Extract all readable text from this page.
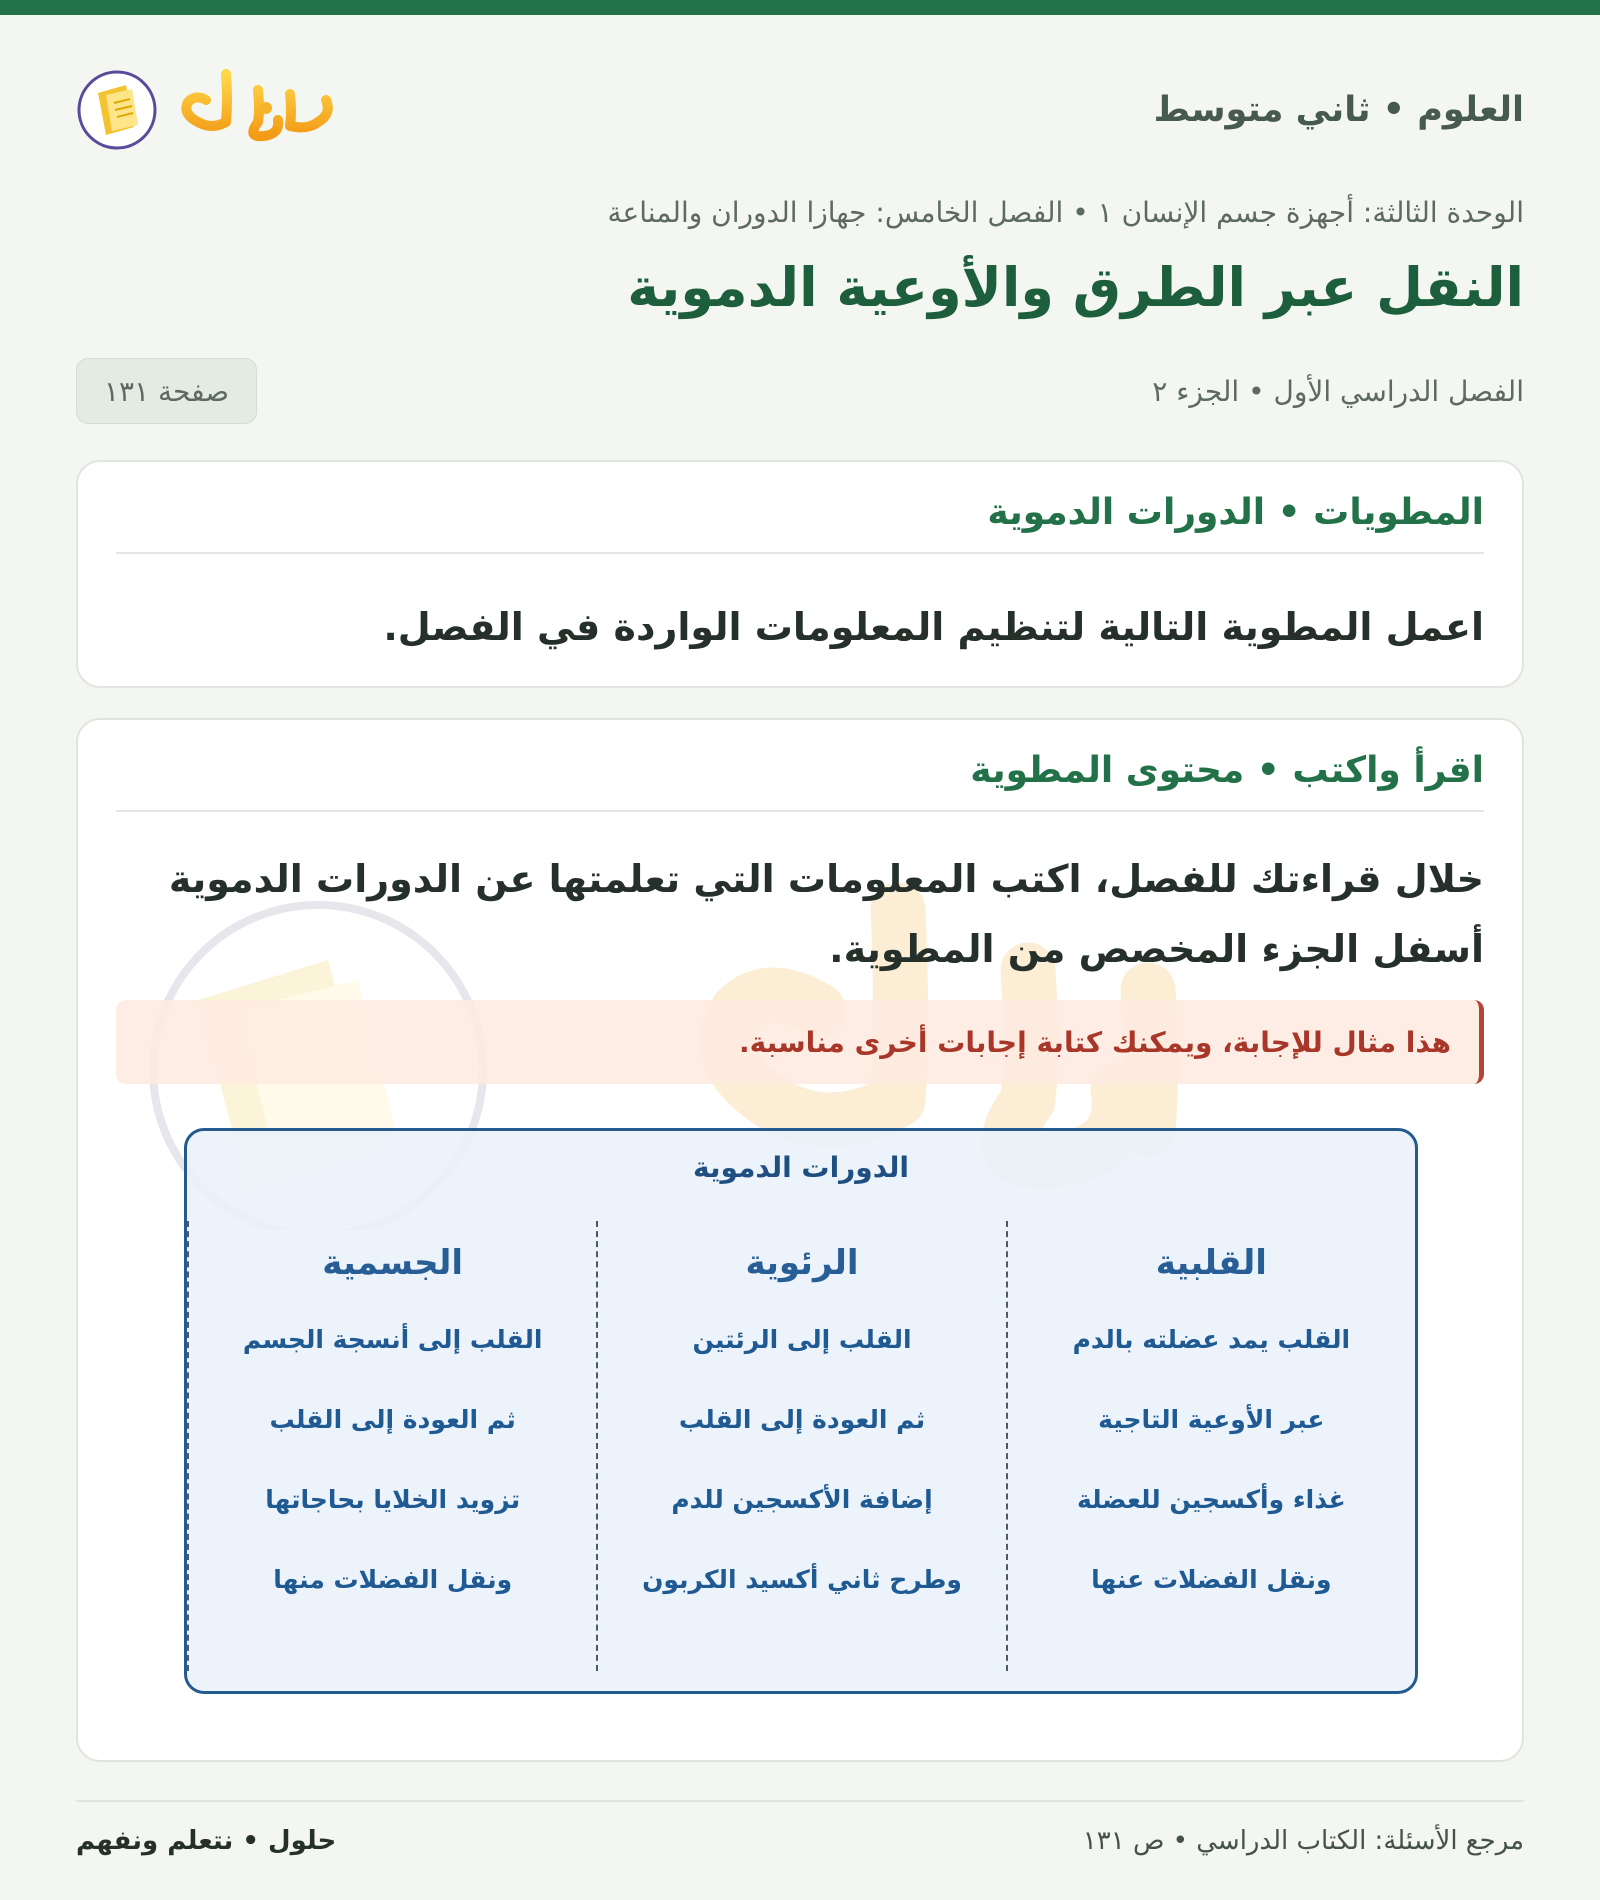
العلوم • ثاني متوسط
الوحدة الثالثة: أجهزة جسم الإنسان ١ • الفصل الخامس: جهازا الدوران والمناعة
النقل عبر الطرق والأوعية الدموية
الفصل الدراسي الأول • الجزء ٢
صفحة ١٣١
المطويات • الدورات الدموية
اعمل المطوية التالية لتنظيم المعلومات الواردة في الفصل.
اقرأ واكتب • محتوى المطوية
خلال قراءتك للفصل، اكتب المعلومات التي تعلمتها عن الدورات الدموية أسفل الجزء المخصص من المطوية.
هذا مثال للإجابة، ويمكنك كتابة إجابات أخرى مناسبة.
الدورات الدموية
القلبية
القلب يمد عضلته بالدم
عبر الأوعية التاجية
غذاء وأكسجين للعضلة
ونقل الفضلات عنها
الرئوية
القلب إلى الرئتين
ثم العودة إلى القلب
إضافة الأكسجين للدم
وطرح ثاني أكسيد الكربون
الجسمية
القلب إلى أنسجة الجسم
ثم العودة إلى القلب
تزويد الخلايا بحاجاتها
ونقل الفضلات منها
مرجع الأسئلة: الكتاب الدراسي • ص ١٣١
حلول • نتعلم ونفهم
